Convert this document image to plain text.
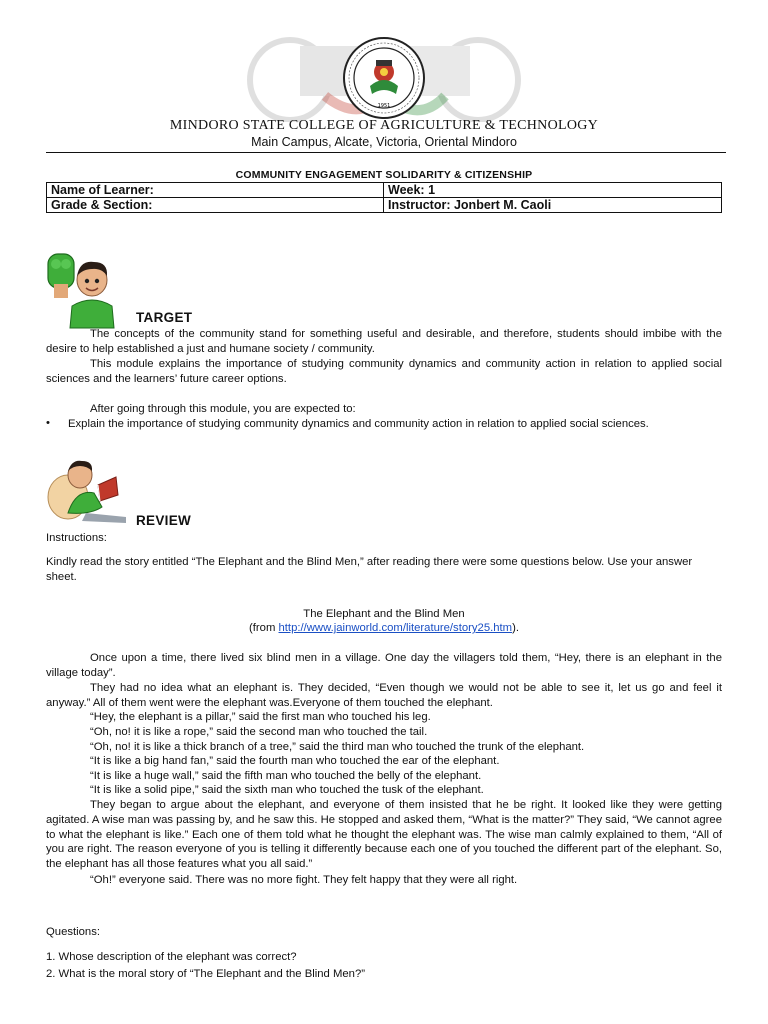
1951
MINDORO STATE COLLEGE OF AGRICULTURE & TECHNOLOGY
Main Campus, Alcate, Victoria, Oriental Mindoro
COMMUNITY ENGAGEMENT SOLIDARITY & CITIZENSHIP
Name of Learner:	Week: 1
Grade & Section:	Instructor: Jonbert M. Caoli
TARGET

The concepts of the community stand for something useful and desirable, and therefore, students should imbibe with the desire to help established a just and humane society / community.

This module explains the importance of studying community dynamics and community action in relation to applied social sciences and the learners’ future career options.

After going through this module, you are expected to:

• Explain the importance of studying community dynamics and community action in relation to applied social sciences.

REVIEW

Instructions:

Kindly read the story entitled “The Elephant and the Blind Men,” after reading there were some questions below. Use your answer sheet.

The Elephant and the Blind Men

(from http://www.jainworld.com/literature/story25.htm).

Once upon a time, there lived six blind men in a village. One day the villagers told them, “Hey, there is an elephant in the village today”.

They had no idea what an elephant is. They decided, “Even though we would not be able to see it, let us go and feel it anyway.” All of them went were the elephant was.Everyone of them touched the elephant.

“Hey, the elephant is a pillar,” said the first man who touched his leg.

“Oh, no! it is like a rope,” said the second man who touched the tail.

“Oh, no! it is like a thick branch of a tree,” said the third man who touched the trunk of the elephant.

“It is like a big hand fan,” said the fourth man who touched the ear of the elephant.

“It is like a huge wall,” said the fifth man who touched the belly of the elephant.

“It is like a solid pipe,” said the sixth man who touched the tusk of the elephant.

They began to argue about the elephant, and everyone of them insisted that he be right. It looked like they were getting agitated. A wise man was passing by, and he saw this. He stopped and asked them, “What is the matter?” They said, “We cannot agree to what the elephant is like.” Each one of them told what he thought the elephant was. The wise man calmly explained to them, “All of you are right. The reason everyone of you is telling it differently because each one of you touched the different part of the elephant. So, the elephant has all those features what you all said.”

“Oh!” everyone said. There was no more fight. They felt happy that they were all right.

Questions:

1. Whose description of the elephant was correct?

2. What is the moral story of “The Elephant and the Blind Men?”
